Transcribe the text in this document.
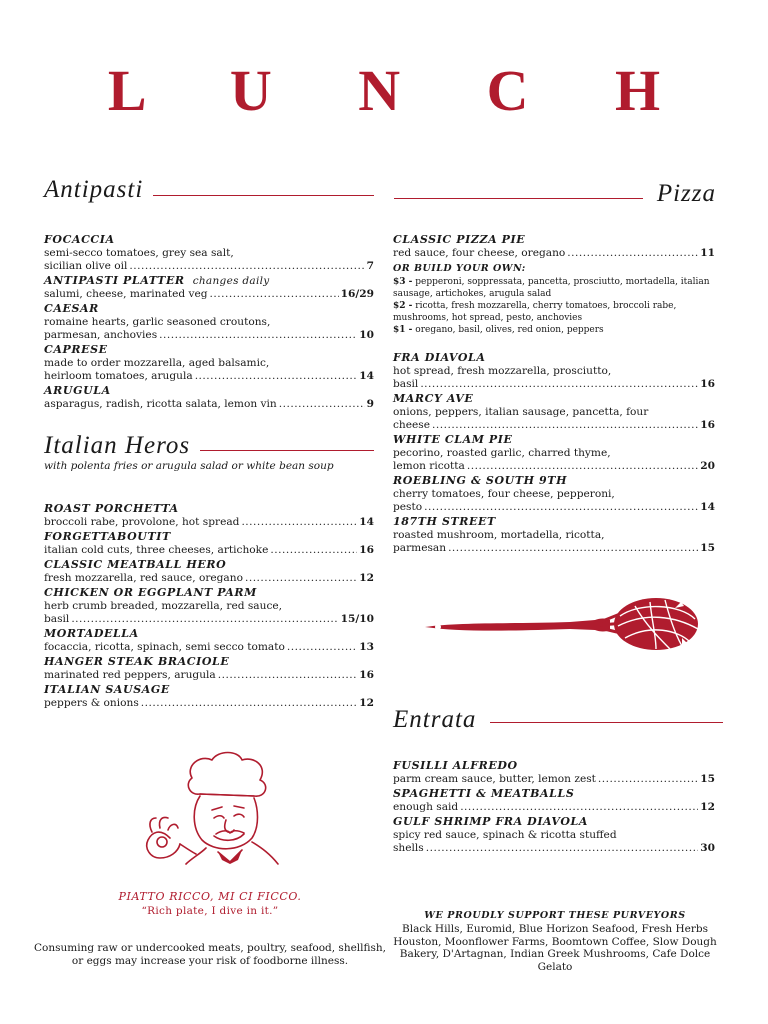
L U N C H
Antipasti	Pizza
FOCACCIA
semi-secco tomatoes, grey sea salt,
sicilian olive oil .....	7
ANTIPASTI PLATTER changes daily
salumi, cheese, marinated veg .....	16/29
CAESAR
romaine hearts, garlic seasoned croutons,
parmesan, anchovies .....	10
CAPRESE
made to order mozzarella, aged balsamic,
heirloom tomatoes, arugula .....	14
ARUGULA
asparagus, radish, ricotta salata, lemon vin .....	9
Italian Heros
with polenta fries or arugula salad or white bean soup
ROAST PORCHETTA
broccoli rabe, provolone, hot spread .....	14
FORGETTABOUTIT
italian cold cuts, three cheeses, artichoke .....	16
CLASSIC MEATBALL HERO
fresh mozzarella, red sauce, oregano .....	12
CHICKEN OR EGGPLANT PARM
herb crumb breaded, mozzarella, red sauce,
basil .....	15/10
MORTADELLA
focaccia, ricotta, spinach, semi secco tomato .....	13
HANGER STEAK BRACIOLE
marinated red peppers, arugula .....	16
ITALIAN SAUSAGE
peppers & onions .....	12
CLASSIC PIZZA PIE
red sauce, four cheese, oregano .....	11
OR BUILD YOUR OWN:
$3 - pepperoni, soppressata, pancetta, prosciutto, mortadella, italian sausage, artichokes, arugula salad
$2 - ricotta, fresh mozzarella, cherry tomatoes, broccoli rabe, mushrooms, hot spread, pesto, anchovies
$1 - oregano, basil, olives, red onion, peppers
FRA DIAVOLA
hot spread, fresh mozzarella, prosciutto,
basil .....	16
MARCY AVE
onions, peppers, italian sausage, pancetta, four
cheese .....	16
WHITE CLAM PIE
pecorino, roasted garlic, charred thyme,
lemon ricotta .....	20
ROEBLING & SOUTH 9TH
cherry tomatoes, four cheese, pepperoni,
pesto .....	14
187TH STREET
roasted mushroom, mortadella, ricotta,
parmesan .....	15
Entrata
FUSILLI ALFREDO
parm cream sauce, butter, lemon zest .....	15
SPAGHETTI & MEATBALLS
enough said .....	12
GULF SHRIMP FRA DIAVOLA
spicy red sauce, spinach & ricotta stuffed
shells .....	30
PIATTO RICCO, MI CI FICCO.
“Rich plate, I dive in it.”
Consuming raw or undercooked meats, poultry, seafood, shellfish, or eggs may increase your risk of foodborne illness.
WE PROUDLY SUPPORT THESE PURVEYORS
Black Hills, Euromid, Blue Horizon Seafood, Fresh Herbs Houston, Moonflower Farms, Boomtown Coffee, Slow Dough Bakery, D'Artagnan, Indian Greek Mushrooms, Cafe Dolce Gelato
